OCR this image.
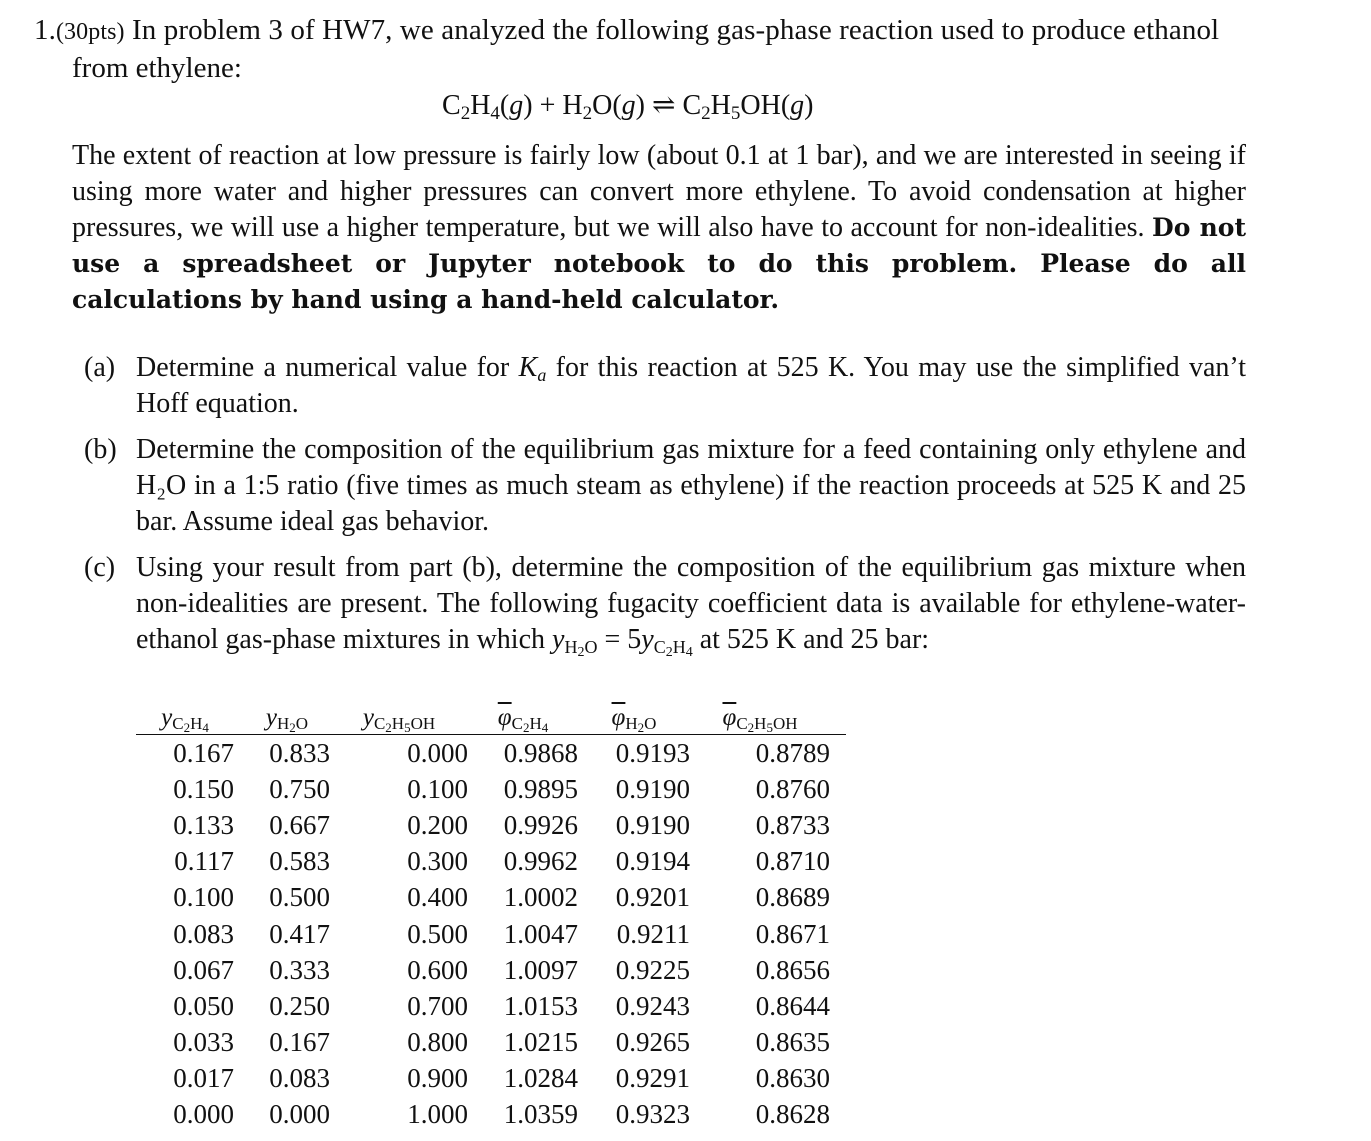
1.(30pts) In problem 3 of HW7, we analyzed the following gas-phase reaction used to produce ethanol
from ethylene:
$C_2H_4(g) + H_2O(g)$ ⇌ $C_2H_5OH(g)$
The extent of reaction at low pressure is fairly low (about 0.1 at 1 bar), and we are interested in seeing if using more water and higher pressures can convert more ethylene. To avoid condensation at higher pressures, we will use a higher temperature, but we will also have to account for non-idealities. Do not use a spreadsheet or Jupyter notebook to do this problem. Please do all calculations by hand using a hand-held calculator.
(a) Determine a numerical value for $K_a$ for this reaction at 525 K. You may use the simplified van’t Hoff equation.
(b) Determine the composition of the equilibrium gas mixture for a feed containing only ethylene and H₂O in a 1:5 ratio (five times as much steam as ethylene) if the reaction proceeds at 525 K and 25 bar. Assume ideal gas behavior.
(c) Using your result from part (b), determine the composition of the equilibrium gas mixture when non-idealities are present. The following fugacity coefficient data is available for ethylene-water-ethanol gas-phase mixtures in which $y_{H_2O} = 5y_{C_2H_4}$ at 525 K and 25 bar:
$y_{C_2H_4}$	$y_{H_2O}$	$y_{C_2H_5OH}$	$\overline{\varphi}_{C_2H_4}$	$\overline{\varphi}_{H_2O}$	$\overline{\varphi}_{C_2H_5OH}$
0.167	0.833	0.000	0.9868	0.9193	0.8789
0.150	0.750	0.100	0.9895	0.9190	0.8760
0.133	0.667	0.200	0.9926	0.9190	0.8733
0.117	0.583	0.300	0.9962	0.9194	0.8710
0.100	0.500	0.400	1.0002	0.9201	0.8689
0.083	0.417	0.500	1.0047	0.9211	0.8671
0.067	0.333	0.600	1.0097	0.9225	0.8656
0.050	0.250	0.700	1.0153	0.9243	0.8644
0.033	0.167	0.800	1.0215	0.9265	0.8635
0.017	0.083	0.900	1.0284	0.9291	0.8630
0.000	0.000	1.000	1.0359	0.9323	0.8628
